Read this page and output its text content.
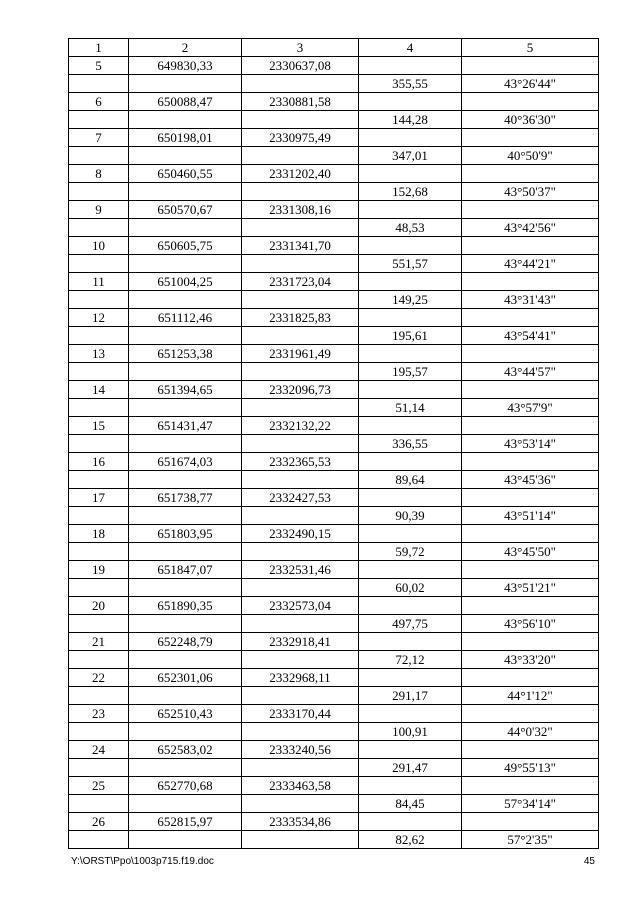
1	2	3	4	5
5	649830,33	2330637,08		
			355,55	43°26'44"
6	650088,47	2330881,58		
			144,28	40°36'30"
7	650198,01	2330975,49		
			347,01	40°50'9"
8	650460,55	2331202,40		
			152,68	43°50'37"
9	650570,67	2331308,16		
			48,53	43°42'56"
10	650605,75	2331341,70		
			551,57	43°44'21"
11	651004,25	2331723,04		
			149,25	43°31'43"
12	651112,46	2331825,83		
			195,61	43°54'41"
13	651253,38	2331961,49		
			195,57	43°44'57"
14	651394,65	2332096,73		
			51,14	43°57'9"
15	651431,47	2332132,22		
			336,55	43°53'14"
16	651674,03	2332365,53		
			89,64	43°45'36"
17	651738,77	2332427,53		
			90,39	43°51'14"
18	651803,95	2332490,15		
			59,72	43°45'50"
19	651847,07	2332531,46		
			60,02	43°51'21"
20	651890,35	2332573,04		
			497,75	43°56'10"
21	652248,79	2332918,41		
			72,12	43°33'20"
22	652301,06	2332968,11		
			291,17	44°1'12"
23	652510,43	2333170,44		
			100,91	44°0'32"
24	652583,02	2333240,56		
			291,47	49°55'13"
25	652770,68	2333463,58		
			84,45	57°34'14"
26	652815,97	2333534,86		
			82,62	57°2'35"
Y:\ORST\Ppo\1003p715.f19.doc	45
